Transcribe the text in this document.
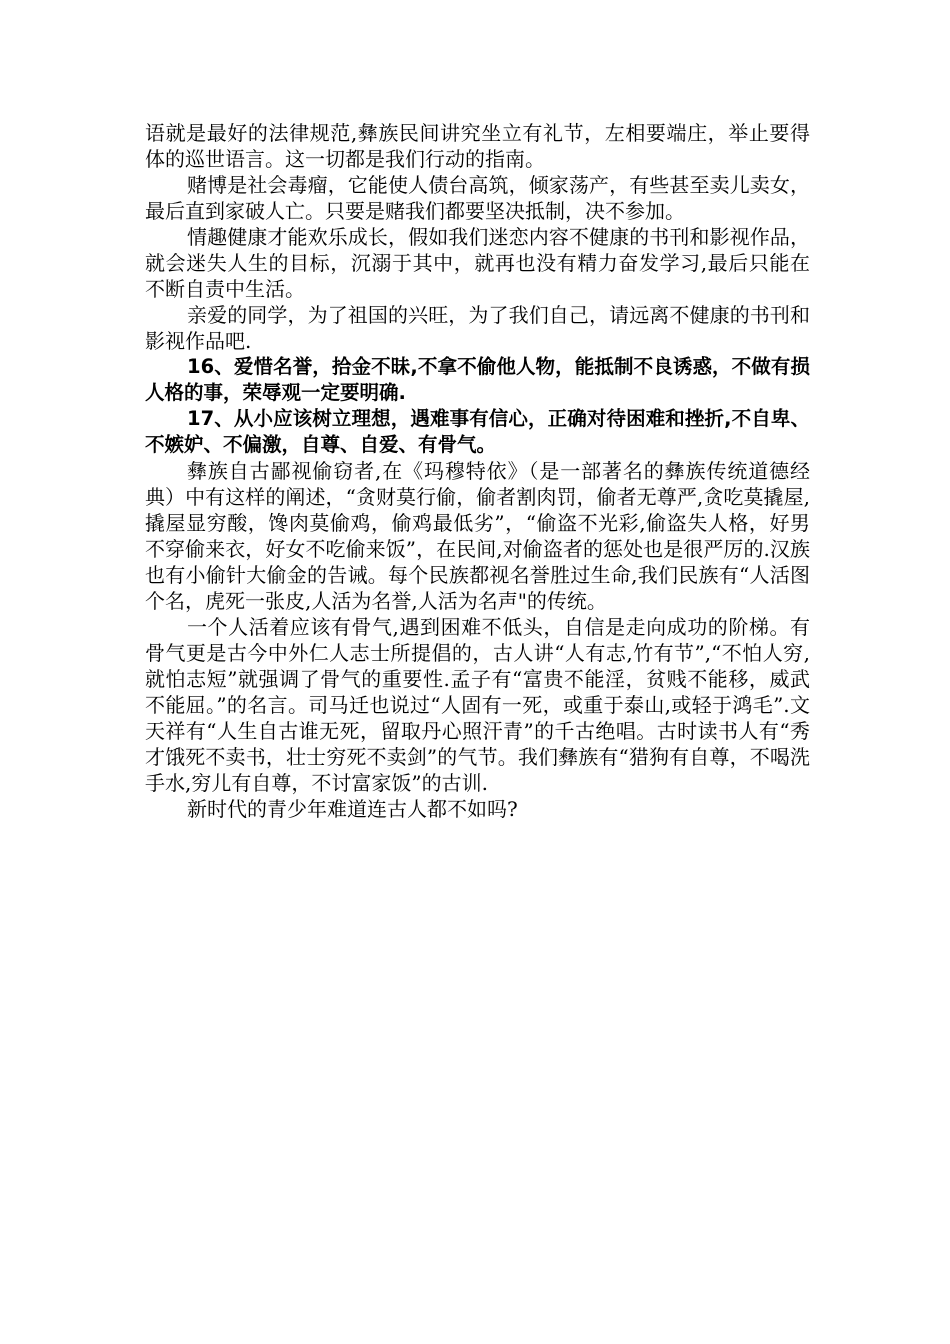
语就是最好的法律规范,彝族民间讲究坐立有礼节，左相要端庄，举止要得体的巡世语言。这一切都是我们行动的指南。

赌博是社会毒瘤，它能使人债台高筑，倾家荡产，有些甚至卖儿卖女，最后直到家破人亡。只要是赌我们都要坚决抵制，决不参加。

情趣健康才能欢乐成长，假如我们迷恋内容不健康的书刊和影视作品，就会迷失人生的目标，沉溺于其中，就再也没有精力奋发学习,最后只能在不断自责中生活。

亲爱的同学，为了祖国的兴旺，为了我们自己，请远离不健康的书刊和影视作品吧.

16、爱惜名誉，拾金不昧,不拿不偷他人物，能抵制不良诱惑，不做有损人格的事，荣辱观一定要明确.

17、从小应该树立理想，遇难事有信心，正确对待困难和挫折,不自卑、不嫉妒、不偏激，自尊、自爱、有骨气。

彝族自古鄙视偷窃者,在《玛穆特依》（是一部著名的彝族传统道德经典）中有这样的阐述，“贪财莫行偷，偷者割肉罚，偷者无尊严,贪吃莫撬屋,撬屋显穷酸，馋肉莫偷鸡，偷鸡最低劣”，“偷盗不光彩,偷盗失人格，好男不穿偷来衣，好女不吃偷来饭”，在民间,对偷盗者的惩处也是很严厉的.汉族也有小偷针大偷金的告诫。每个民族都视名誉胜过生命,我们民族有“人活图个名，虎死一张皮,人活为名誉,人活为名声"的传统。

一个人活着应该有骨气,遇到困难不低头，自信是走向成功的阶梯。有骨气更是古今中外仁人志士所提倡的，古人讲“人有志,竹有节”,“不怕人穷,就怕志短”就强调了骨气的重要性.孟子有“富贵不能淫，贫贱不能移，威武不能屈。”的名言。司马迁也说过“人固有一死，或重于泰山,或轻于鸿毛”.文天祥有“人生自古谁无死，留取丹心照汗青”的千古绝唱。古时读书人有“秀才饿死不卖书，壮士穷死不卖剑”的气节。我们彝族有“猎狗有自尊，不喝洗手水,穷儿有自尊，不讨富家饭”的古训.

新时代的青少年难道连古人都不如吗?
